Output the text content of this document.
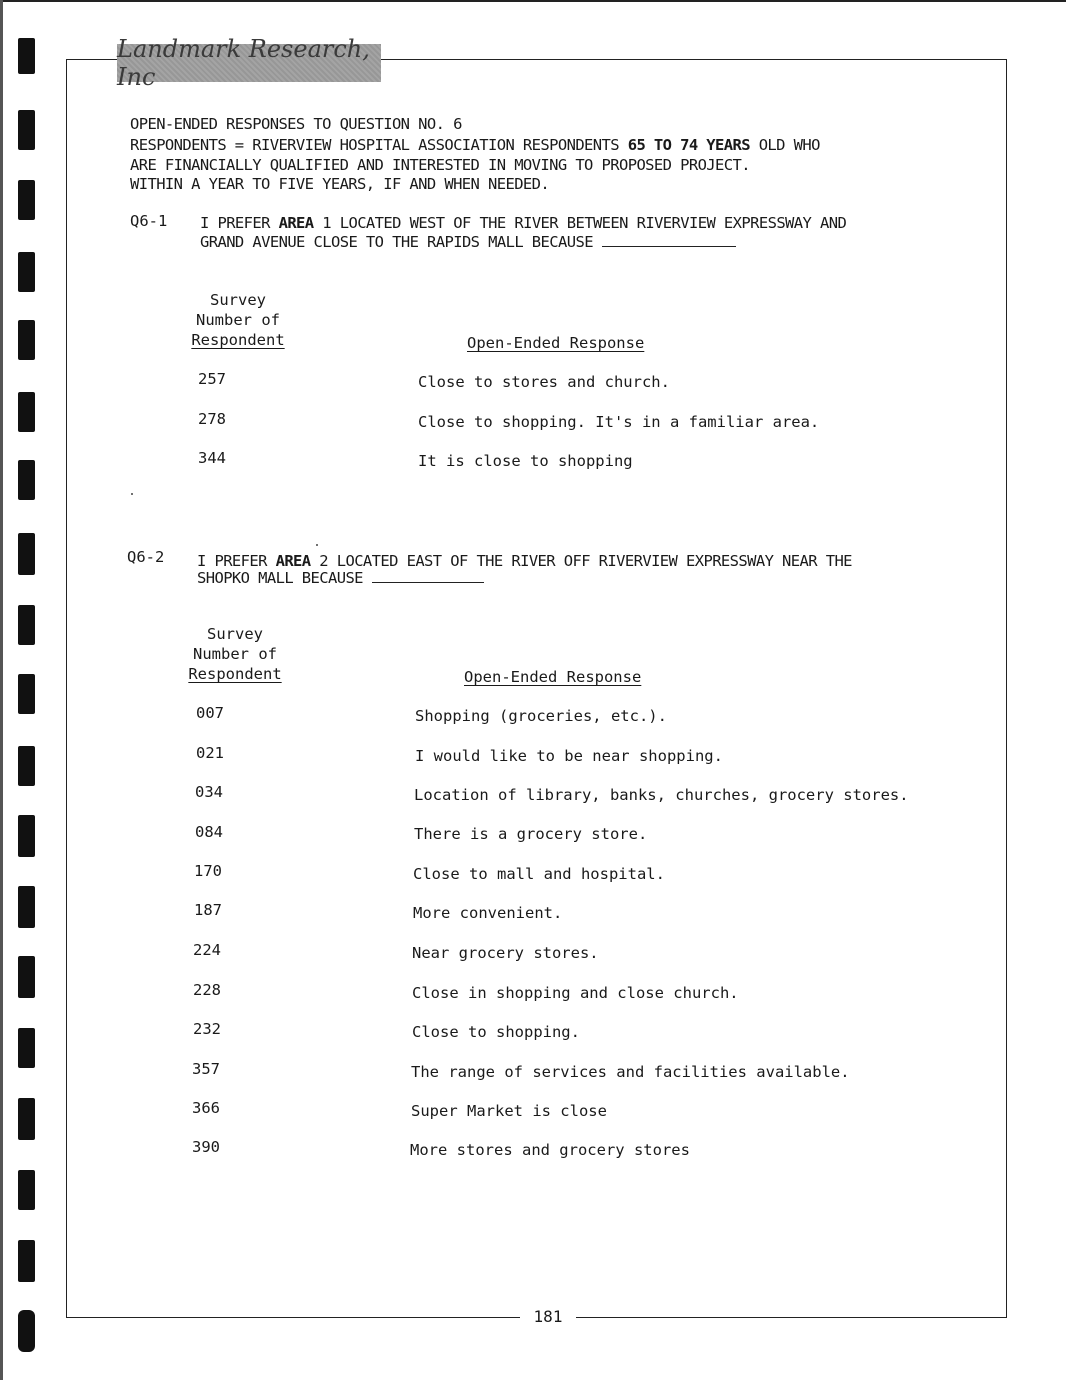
Landmark Research, Inc
OPEN-ENDED RESPONSES TO QUESTION NO. 6
RESPONDENTS = RIVERVIEW HOSPITAL ASSOCIATION RESPONDENTS 65 TO 74 YEARS OLD WHO
ARE FINANCIALLY QUALIFIED AND INTERESTED IN MOVING TO PROPOSED PROJECT.
WITHIN A YEAR TO FIVE YEARS, IF AND WHEN NEEDED.
Q6-1 I PREFER AREA 1 LOCATED WEST OF THE RIVER BETWEEN RIVERVIEW EXPRESSWAY AND
GRAND AVENUE CLOSE TO THE RAPIDS MALL BECAUSE
Survey
Number of
Respondent	Open-Ended Response
257	Close to stores and church.
278	Close to shopping. It's in a familiar area.
344	It is close to shopping
Q6-2 I PREFER AREA 2 LOCATED EAST OF THE RIVER OFF RIVERVIEW EXPRESSWAY NEAR THE
SHOPKO MALL BECAUSE
Survey
Number of
Respondent	Open-Ended Response
007	Shopping (groceries, etc.).
021	I would like to be near shopping.
034	Location of library, banks, churches, grocery stores.
084	There is a grocery store.
170	Close to mall and hospital.
187	More convenient.
224	Near grocery stores.
228	Close in shopping and close church.
232	Close to shopping.
357	The range of services and facilities available.
366	Super Market is close
390	More stores and grocery stores
181
